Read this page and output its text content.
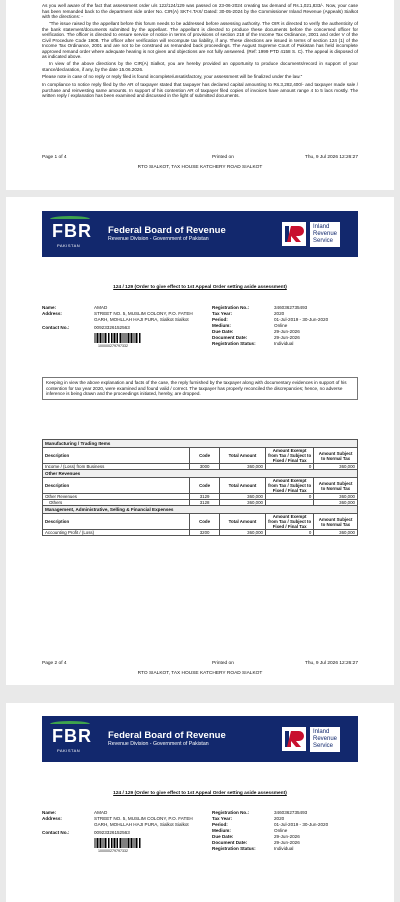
As you well aware of the fact that assessment order u/s 122/124/129 was passed on 23-06-2024 creating tax demand of Rs.1,021,833/-. Now, your case has been remanded back to the department vide order No. CIR(A) SKT-I.TAX/ Dated: 30-05-2024 by the Commissioner Inland Revenue (Appeals) Sialkot with the directions: -

"The issue raised by the appellant before this forum needs to be addressed before assessing authority. The OIR is directed to verify the authenticity of the bank statement/documents submitted by the appellant. The appellant is directed to produce these documents before the concerned officer for verification. The officer is directed to ensure service of notice in terms of provisions of section 218 of the Income Tax Ordinance, 2001 and order V of the Civil Procedure Code 1908. The officer after verification will recompute tax liability, if any. These directions are issued in terms of section 124 (1) of the Income Tax Ordinance, 2001 and are not to be construed as remanded back proceedings. The August Supreme Court of Pakistan has held incomplete approved remand order where adequate hearing is not given and objections are not fully answered. (Ref: 1999 PTD 4158 S. C). The appeal is disposed of as indicated above.

In view of the above directions by the CIR(A) Sialkot, you are hereby provided an opportunity to produce documents/record in support of your stance/declaration, if any, by the date 15.06.2026.

Please note in case of no reply or reply filed is found incomplete/unsatisfactory, your assessment will be finalized under the law."

In compliance to notice reply filed by the AR of taxpayer stated that taxpayer has declared capital amounting to Rs.3,282,400/- and taxpayer made sale / purchase and reinvesting same amounts. In support of his contention AR of taxpayer filed copies of invoices have amount range 4 to 5 lacs mostly. The written reply / explanation has been examined and discussed in the light of submitted documents.

Page 1 of 4	Printed on	Thu, 9 Jul 2026 12:26:27
RTO SIALKOT, TAX HOUSE KATCHERY ROAD SIALKOT
FBR
PAKISTAN
Federal Board of Revenue
Revenue Division - Government of Pakistan
Inland
Revenue
Service
124 / 129 (Order to give effect to 1st Appeal Order setting aside assessment)
Name:	AMAD
Address:	STREET NO. 5, MUSLIM COLONY, P.O. FATEH
GARH, MOHLLAH HAJI PURA, Sialkot Sialkot
Contact No.:	00923326152563
100000279797332
Registration No.:	3460362735493
Tax Year:	2020
Period:	01-Jul-2019 - 30-Jun-2020
Medium:	Online
Due Date:	29-Jun-2026
Document Date:	29-Jun-2026
Registration Status:	Individual
Keeping in view the above explanation and facts of the case, the reply furnished by the taxpayer along with documentary evidences in support of his contention for tax year 2020, were examined and found valid / correct. The taxpayer has properly reconciled the discrepancies; hence, no adverse inference is being drawn and the proceedings initiated, hereby, are dropped.
Manufacturing / Trading Items				
Description	Code	Total Amount	Amount Exempt from Tax / Subject to Fixed / Final Tax	Amount Subject to Normal Tax
Income / (Loss) from Business	3000	360,000	0	360,000
Other Revenues				
Description	Code	Total Amount	Amount Exempt from Tax / Subject to Fixed / Final Tax	Amount Subject to Normal Tax
Other Revenues	3129	360,000	0	360,000
Others	3128	360,000		360,000
Management, Administrative, Selling & Financial Expenses				
Description	Code	Total Amount	Amount Exempt from Tax / Subject to Fixed / Final Tax	Amount Subject to Normal Tax
Accounting Profit / (Loss)	3200	360,000	0	360,000
Page 2 of 4	Printed on	Thu, 9 Jul 2026 12:26:27
RTO SIALKOT, TAX HOUSE KATCHERY ROAD SIALKOT
FBR
PAKISTAN
Federal Board of Revenue
Revenue Division - Government of Pakistan
Inland
Revenue
Service
124 / 129 (Order to give effect to 1st Appeal Order setting aside assessment)
Name:	AMAD
Address:	STREET NO. 5, MUSLIM COLONY, P.O. FATEH
GARH, MOHLLAH HAJI PURA, Sialkot Sialkot
Contact No.:	00923326152563
100000279797332
Registration No.:	3460362735493
Tax Year:	2020
Period:	01-Jul-2019 - 30-Jun-2020
Medium:	Online
Due Date:	29-Jun-2026
Document Date:	29-Jun-2026
Registration Status:	Individual
